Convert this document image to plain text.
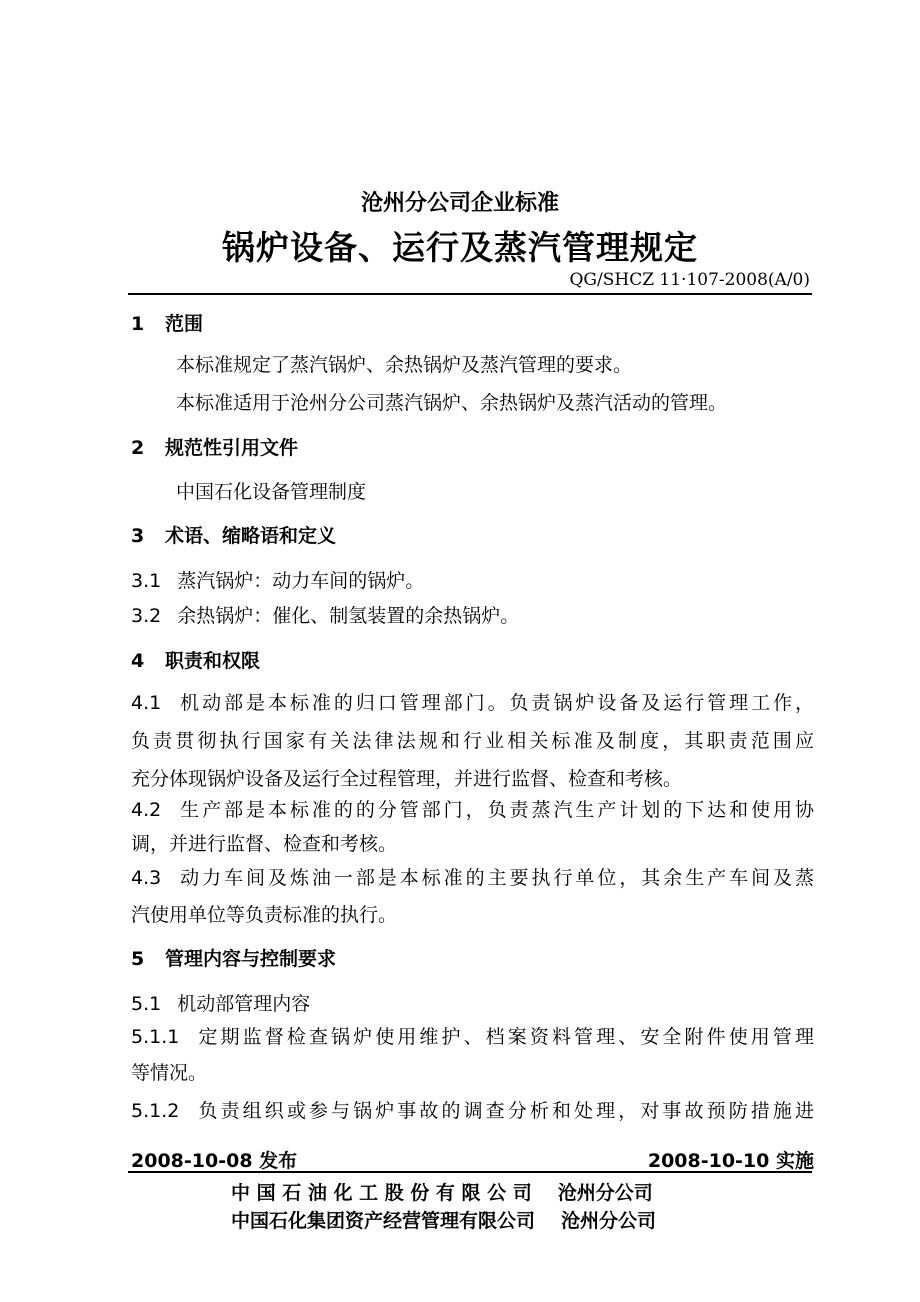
沧州分公司企业标准
锅炉设备、运行及蒸汽管理规定
QG/SHCZ 11·107-2008(A/0)
1 范围
本标准规定了蒸汽锅炉、余热锅炉及蒸汽管理的要求。
本标准适用于沧州分公司蒸汽锅炉、余热锅炉及蒸汽活动的管理。
2 规范性引用文件
中国石化设备管理制度
3 术语、缩略语和定义
3.1 蒸汽锅炉：动力车间的锅炉。
3.2 余热锅炉：催化、制氢装置的余热锅炉。
4 职责和权限
4.1 机动部是本标准的归口管理部门。负责锅炉设备及运行管理工作，
负责贯彻执行国家有关法律法规和行业相关标准及制度，其职责范围应
充分体现锅炉设备及运行全过程管理，并进行监督、检查和考核。
4.2 生产部是本标准的的分管部门，负责蒸汽生产计划的下达和使用协
调，并进行监督、检查和考核。
4.3 动力车间及炼油一部是本标准的主要执行单位，其余生产车间及蒸
汽使用单位等负责标准的执行。
5 管理内容与控制要求
5.1 机动部管理内容
5.1.1 定期监督检查锅炉使用维护、档案资料管理、安全附件使用管理
等情况。
5.1.2 负责组织或参与锅炉事故的调查分析和处理，对事故预防措施进
2008-10-08 发布	2008-10-10 实施
中 国 石 油 化 工 股 份 有 限 公 司 沧州分公司
中国石化集团资产经营管理有限公司 沧州分公司
